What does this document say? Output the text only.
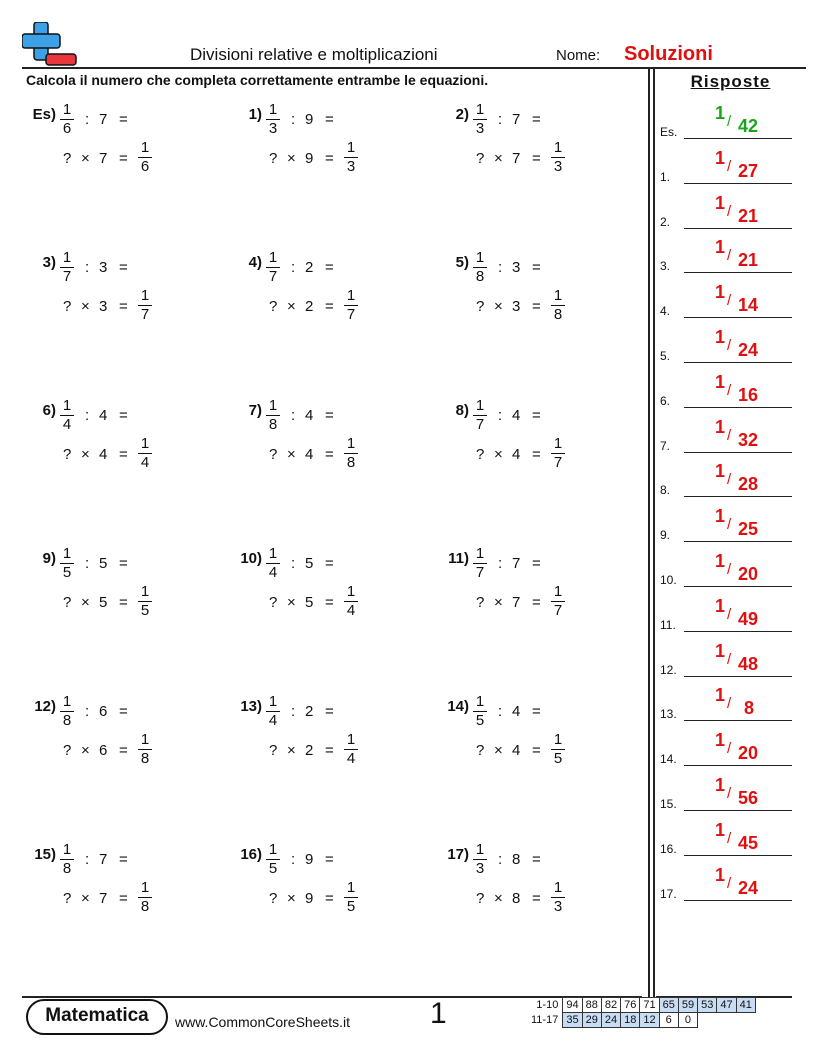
Divisioni relative e moltiplicazioni	Nome: Soluzioni
Calcola il numero che completa correttamente entrambe le equazioni.	Risposte
Es) 1
6
: 7 =
? × 7 =
1
6
1) 1
3
: 9 =
? × 9 =
1
3
2) 1
3
: 7 =
? × 7 =
1
3
3) 1
7
: 3 =
? × 3 =
1
7
4) 1
7
: 2 =
? × 2 =
1
7
5) 1
8
: 3 =
? × 3 =
1
8
6) 1
4
: 4 =
? × 4 =
1
4
7) 1
8
: 4 =
? × 4 =
1
8
8) 1
7
: 4 =
? × 4 =
1
7
9) 1
5
: 5 =
? × 5 =
1
5
10) 1
4
: 5 =
? × 5 =
1
4
11) 1
7
: 7 =
? × 7 =
1
7
12) 1
8
: 6 =
? × 6 =
1
8
13) 1
4
: 2 =
? × 2 =
1
4
14) 1
5
: 4 =
? × 4 =
1
5
15) 1
8
: 7 =
? × 7 =
1
8
16) 1
5
: 9 =
? × 9 =
1
5
17) 1
3
: 8 =
? × 8 =
1
3
Es.
1 / 42
1.
1 / 27
2.
1 / 21
3.
1 / 21
4.
1 / 14
5.
1 / 24
6.
1 / 16
7.
1 / 32
8.
1 / 28
9.
1 / 25
10.
1 / 20
11.
1 / 49
12.
1 / 48
13.
1 / 8
14.
1 / 20
15.
1 / 56
16.
1 / 45
17.
1 / 24
Matematica	www.CommonCoreSheets.it	1	1-10	94	88	82	76	71	65	59	53	47	41
11-17	35	29	24	18	12	6	0			
